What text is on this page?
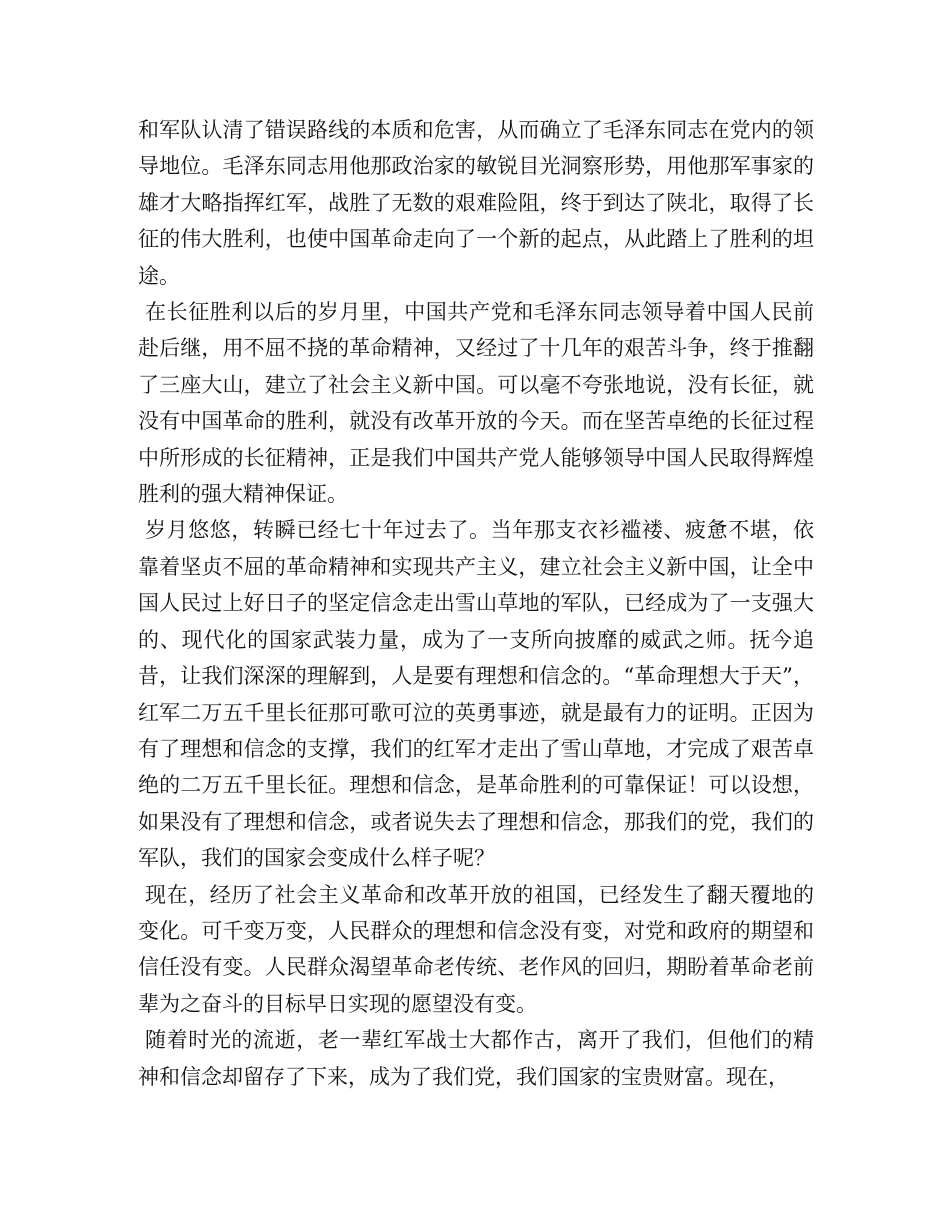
和军队认清了错误路线的本质和危害，从而确立了毛泽东同志在党内的领导地位。毛泽东同志用他那政治家的敏锐目光洞察形势，用他那军事家的雄才大略指挥红军，战胜了无数的艰难险阻，终于到达了陕北，取得了长征的伟大胜利，也使中国革命走向了一个新的起点，从此踏上了胜利的坦途。

在长征胜利以后的岁月里，中国共产党和毛泽东同志领导着中国人民前赴后继，用不屈不挠的革命精神，又经过了十几年的艰苦斗争，终于推翻了三座大山，建立了社会主义新中国。可以毫不夸张地说，没有长征，就没有中国革命的胜利，就没有改革开放的今天。而在坚苦卓绝的长征过程中所形成的长征精神，正是我们中国共产党人能够领导中国人民取得辉煌胜利的强大精神保证。

岁月悠悠，转瞬已经七十年过去了。当年那支衣衫褴褛、疲惫不堪，依靠着坚贞不屈的革命精神和实现共产主义，建立社会主义新中国，让全中国人民过上好日子的坚定信念走出雪山草地的军队，已经成为了一支强大的、现代化的国家武装力量，成为了一支所向披靡的威武之师。抚今追昔，让我们深深的理解到，人是要有理想和信念的。“革命理想大于天”，红军二万五千里长征那可歌可泣的英勇事迹，就是最有力的证明。正因为有了理想和信念的支撑，我们的红军才走出了雪山草地，才完成了艰苦卓绝的二万五千里长征。理想和信念，是革命胜利的可靠保证！可以设想，如果没有了理想和信念，或者说失去了理想和信念，那我们的党，我们的军队，我们的国家会变成什么样子呢？

现在，经历了社会主义革命和改革开放的祖国，已经发生了翻天覆地的变化。可千变万变，人民群众的理想和信念没有变，对党和政府的期望和信任没有变。人民群众渴望革命老传统、老作风的回归，期盼着革命老前辈为之奋斗的目标早日实现的愿望没有变。

随着时光的流逝，老一辈红军战士大都作古，离开了我们，但他们的精神和信念却留存了下来，成为了我们党，我们国家的宝贵财富。现在，
